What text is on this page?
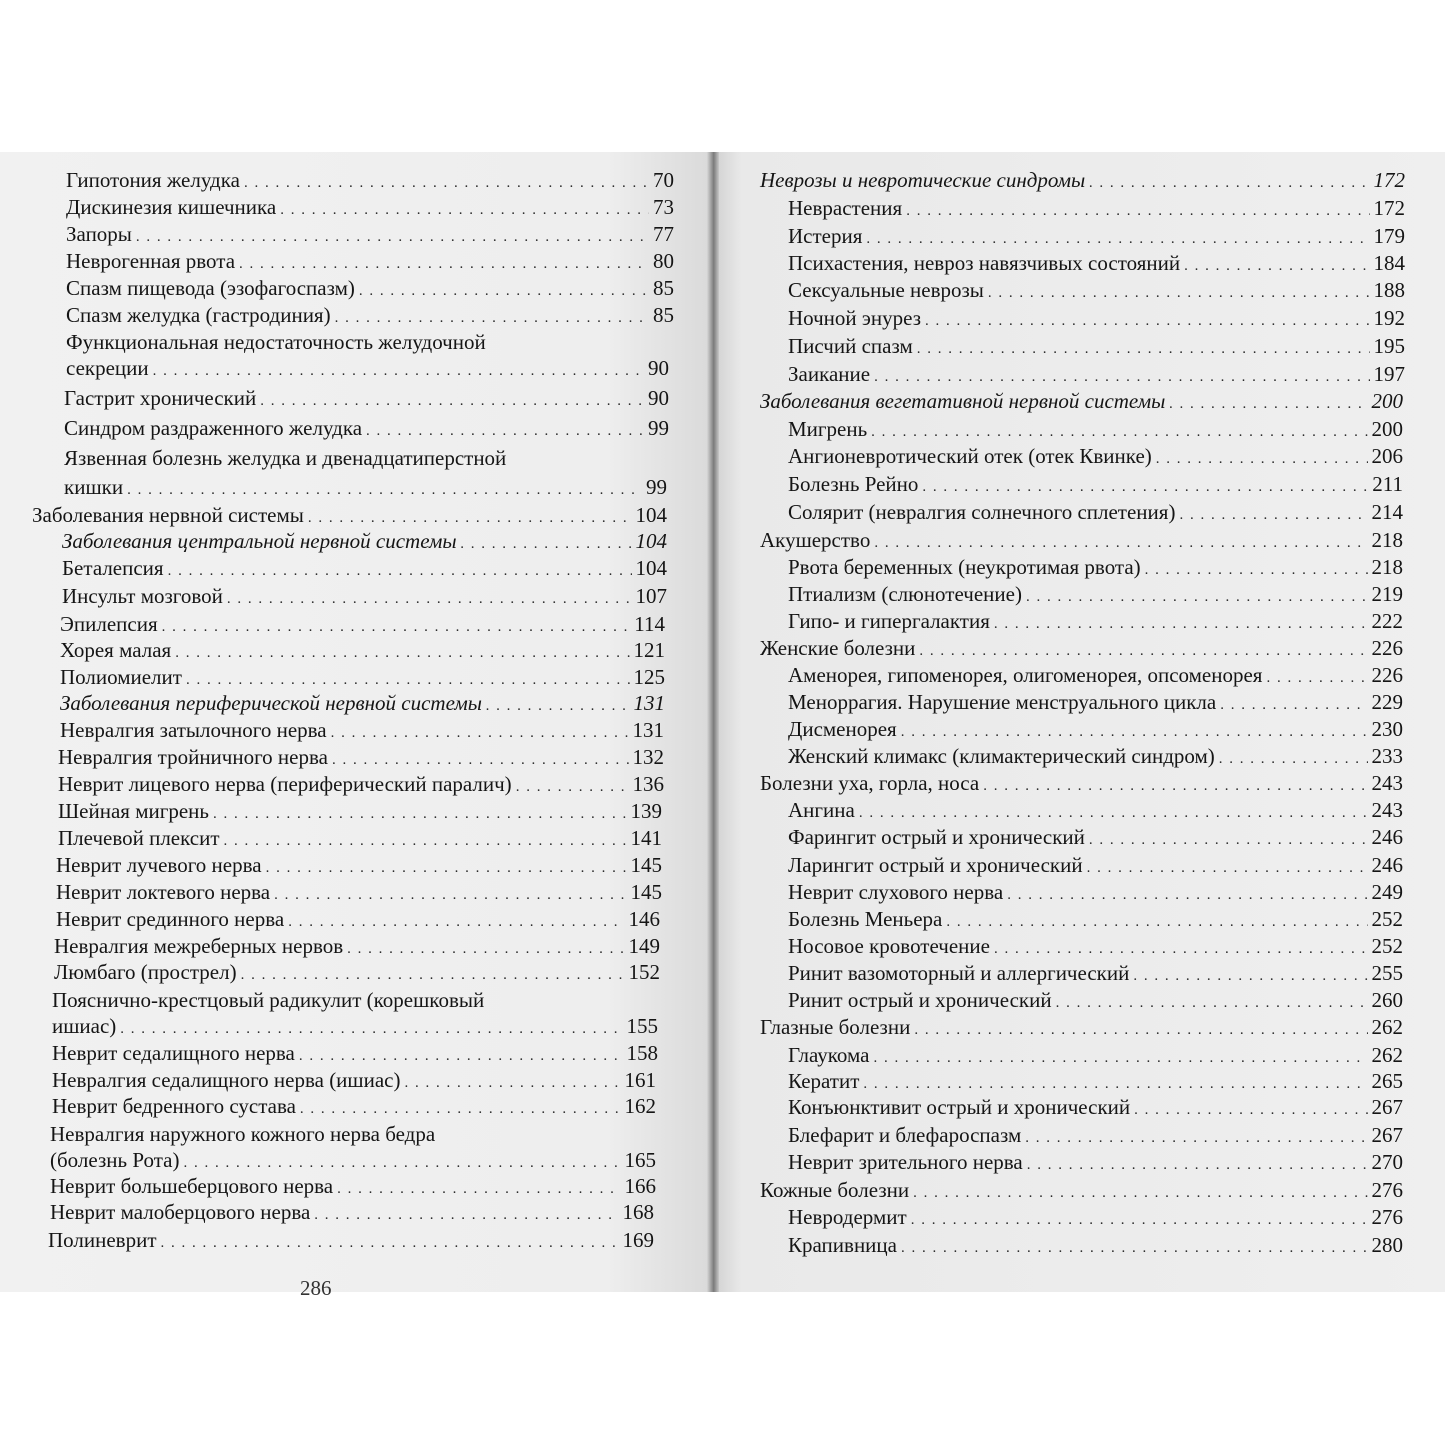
Гипотония желудка . . .	70
Дискинезия кишечника . . .	73
Запоры . . .	77
Неврогенная рвота . . .	80
Спазм пищевода (эзофагоспазм) . . .	85
Спазм желудка (гастродиния) . . .	85
Функциональная недостаточность желудочной
секреции . . .	90
Гастрит хронический . . .	90
Синдром раздраженного желудка . . .	99
Язвенная болезнь желудка и двенадцатиперстной
кишки . . .	99
Заболевания нервной системы . . .	104
Заболевания центральной нервной системы . . .	104
Беталепсия . . .	104
Инсульт мозговой . . .	107
Эпилепсия . . .	114
Хорея малая . . .	121
Полиомиелит . . .	125
Заболевания периферической нервной системы . . .	131
Невралгия затылочного нерва . . .	131
Невралгия тройничного нерва . . .	132
Неврит лицевого нерва (периферический паралич) . . .	136
Шейная мигрень . . .	139
Плечевой плексит . . .	141
Неврит лучевого нерва . . .	145
Неврит локтевого нерва . . .	145
Неврит срединного нерва . . .	146
Невралгия межреберных нервов . . .	149
Люмбаго (прострел) . . .	152
Пояснично-крестцовый радикулит (корешковый
ишиас) . . .	155
Неврит седалищного нерва . . .	158
Невралгия седалищного нерва (ишиас) . . .	161
Неврит бедренного сустава . . .	162
Невралгия наружного кожного нерва бедра
(болезнь Рота) . . .	165
Неврит большеберцового нерва . . .	166
Неврит малоберцового нерва . . .	168
Полиневрит . . .	169
Неврозы и невротические синдромы . . .	172
Неврастения . . .	172
Истерия . . .	179
Психастения, невроз навязчивых состояний . . .	184
Сексуальные неврозы . . .	188
Ночной энурез . . .	192
Писчий спазм . . .	195
Заикание . . .	197
Заболевания вегетативной нервной системы . . .	200
Мигрень . . .	200
Ангионевротический отек (отек Квинке) . . .	206
Болезнь Рейно . . .	211
Солярит (невралгия солнечного сплетения) . . .	214
Акушерство . . .	218
Рвота беременных (неукротимая рвота) . . .	218
Птиализм (слюнотечение) . . .	219
Гипо- и гипергалактия . . .	222
Женские болезни . . .	226
Аменорея, гипоменорея, олигоменорея, опсоменорея . . .	226
Меноррагия. Нарушение менструального цикла . . .	229
Дисменорея . . .	230
Женский климакс (климактерический синдром) . . .	233
Болезни уха, горла, носа . . .	243
Ангина . . .	243
Фарингит острый и хронический . . .	246
Ларингит острый и хронический . . .	246
Неврит слухового нерва . . .	249
Болезнь Меньера . . .	252
Носовое кровотечение . . .	252
Ринит вазомоторный и аллергический . . .	255
Ринит острый и хронический . . .	260
Глазные болезни . . .	262
Глаукома . . .	262
Кератит . . .	265
Конъюнктивит острый и хронический . . .	267
Блефарит и блефароспазм . . .	267
Неврит зрительного нерва . . .	270
Кожные болезни . . .	276
Невродермит . . .	276
Крапивница . . .	280
286
